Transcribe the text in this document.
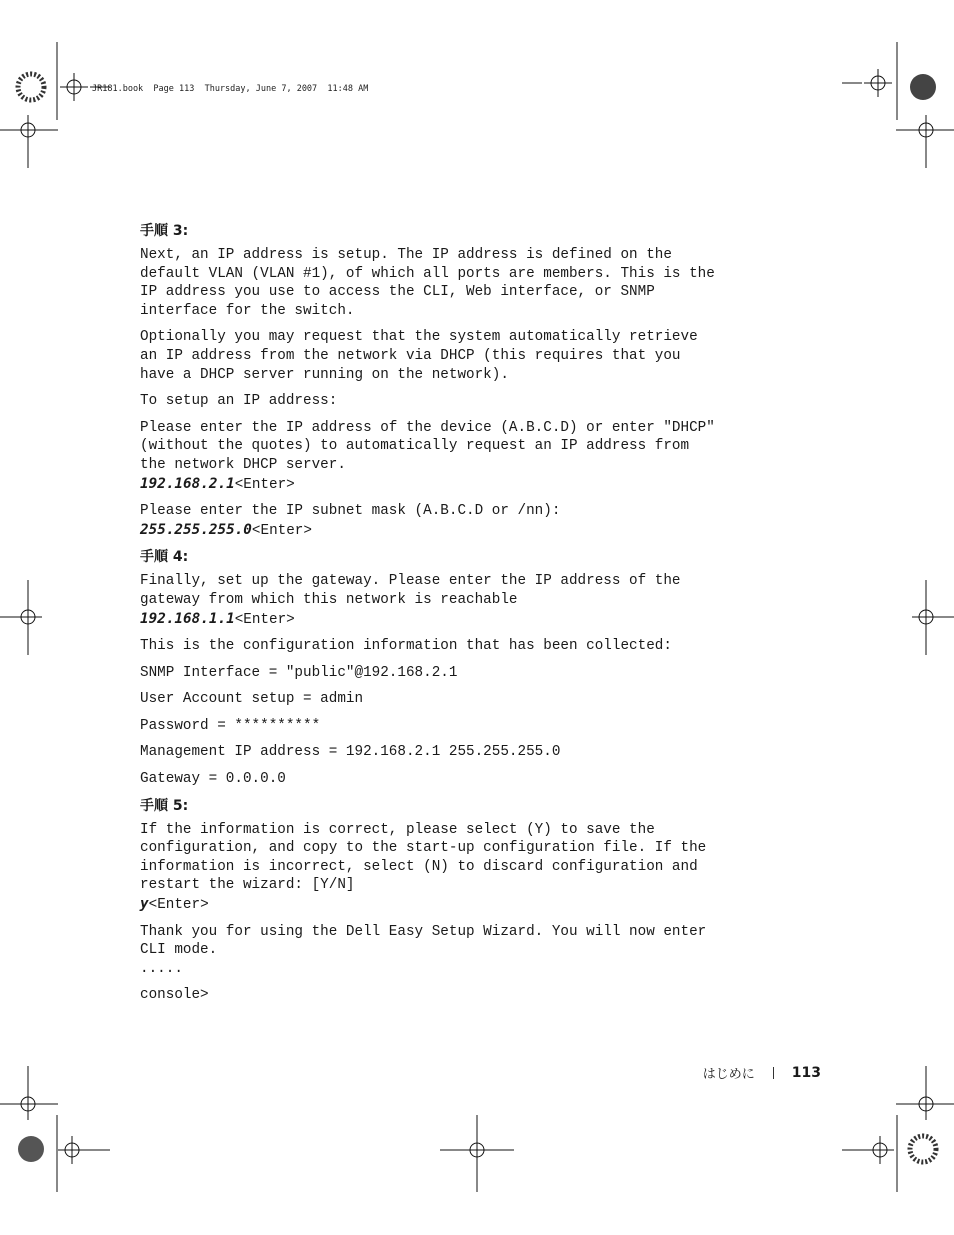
JR181.book  Page 113  Thursday, June 7, 2007  11:48 AM
手順 3:
Next, an IP address is setup. The IP address is defined on the
default VLAN (VLAN #1), of which all ports are members. This is the
IP address you use to access the CLI, Web interface, or SNMP
interface for the switch.
Optionally you may request that the system automatically retrieve
an IP address from the network via DHCP (this requires that you
have a DHCP server running on the network).
To setup an IP address:
Please enter the IP address of the device (A.B.C.D) or enter "DHCP"
(without the quotes) to automatically request an IP address from
the network DHCP server.
192.168.2.1<Enter>
Please enter the IP subnet mask (A.B.C.D or /nn):
255.255.255.0<Enter>
手順 4:
Finally, set up the gateway. Please enter the IP address of the
gateway from which this network is reachable
192.168.1.1<Enter>
This is the configuration information that has been collected:
SNMP Interface = "public"@192.168.2.1
User Account setup = admin
Password = **********
Management IP address = 192.168.2.1 255.255.255.0
Gateway = 0.0.0.0
手順 5:
If the information is correct, please select (Y) to save the
configuration, and copy to the start-up configuration file. If the
information is incorrect, select (N) to discard configuration and
restart the wizard: [Y/N]
y<Enter>
Thank you for using the Dell Easy Setup Wizard. You will now enter
CLI mode.
.....
console>
はじめに	113
